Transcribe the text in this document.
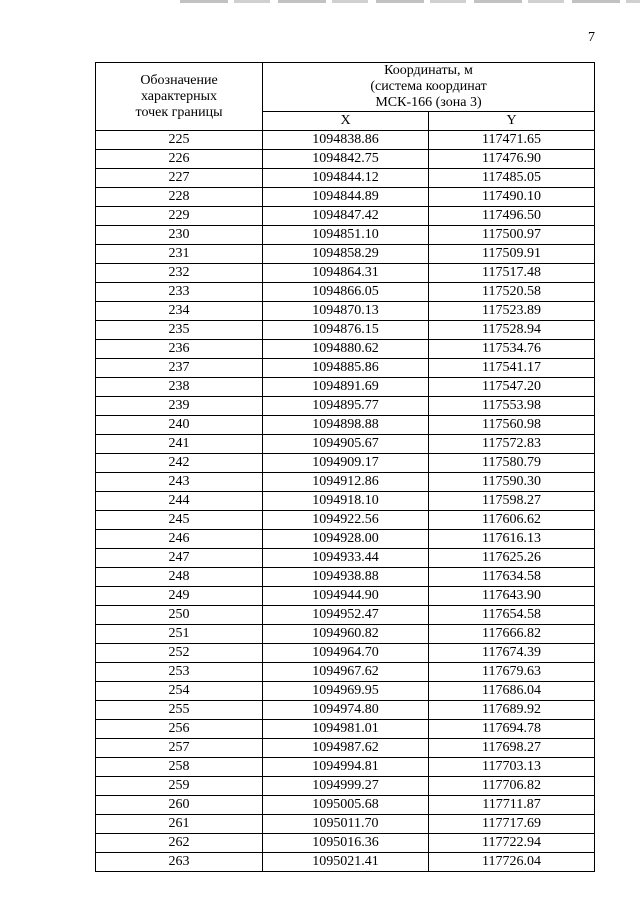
7
Обозначение
характерных
точек границы	Координаты, м
(система координат
МСК-166 (зона 3)	

	X	Y
225	1094838.86	117471.65
226	1094842.75	117476.90
227	1094844.12	117485.05
228	1094844.89	117490.10
229	1094847.42	117496.50
230	1094851.10	117500.97
231	1094858.29	117509.91
232	1094864.31	117517.48
233	1094866.05	117520.58
234	1094870.13	117523.89
235	1094876.15	117528.94
236	1094880.62	117534.76
237	1094885.86	117541.17
238	1094891.69	117547.20
239	1094895.77	117553.98
240	1094898.88	117560.98
241	1094905.67	117572.83
242	1094909.17	117580.79
243	1094912.86	117590.30
244	1094918.10	117598.27
245	1094922.56	117606.62
246	1094928.00	117616.13
247	1094933.44	117625.26
248	1094938.88	117634.58
249	1094944.90	117643.90
250	1094952.47	117654.58
251	1094960.82	117666.82
252	1094964.70	117674.39
253	1094967.62	117679.63
254	1094969.95	117686.04
255	1094974.80	117689.92
256	1094981.01	117694.78
257	1094987.62	117698.27
258	1094994.81	117703.13
259	1094999.27	117706.82
260	1095005.68	117711.87
261	1095011.70	117717.69
262	1095016.36	117722.94
263	1095021.41	117726.04
